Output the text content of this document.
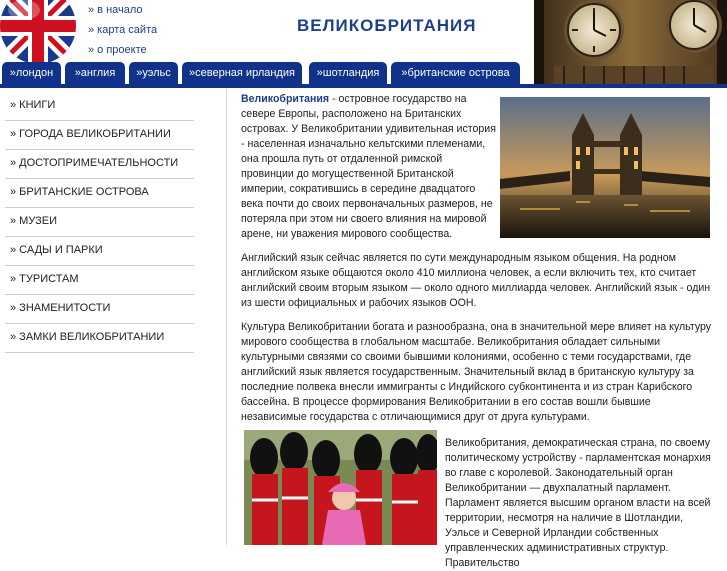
» в начало
» карта сайта
» о проекте
ВЕЛИКОБРИТАНИЯ
»лондон	»англия	»уэльс	»северная ирландия	»шотландия	»британские острова
» КНИГИ
» ГОРОДА ВЕЛИКОБРИТАНИИ
» ДОСТОПРИМЕЧАТЕЛЬНОСТИ
» БРИТАНСКИЕ ОСТРОВА
» МУЗЕИ
» САДЫ И ПАРКИ
» ТУРИСТАМ
» ЗНАМЕНИТОСТИ
» ЗАМКИ ВЕЛИКОБРИТАНИИ

Великобритания - островное государство на севере Европы, расположено на Британских островах. У Великобритании удивительная история - населенная изначально кельтскими племенами, она прошла путь от отдаленной римской провинции до могущественной Британской империи, сократившись в середине двадцатого века почти до своих первоначальных размеров, не потеряла при этом ни своего влияния на мировой арене, ни уважения мирового сообщества.

Английский язык сейчас является по сути международным языком общения. На родном английском языке общаются около 410 миллиона человек, а если включить тех, кто считает английский своим вторым языком — около одного миллиарда человек. Английский язык - один из шести официальных и рабочих языков ООН.

Культура Великобритании богата и разнообразна, она в значительной мере влияет на культуру мирового сообщества в глобальном масштабе. Великобритания обладает сильными культурными связями со своими бывшими колониями, особенно с теми государствами, где английский язык является государственным. Значительный вклад в британскую культуру за последние полвека внесли иммигранты с Индийского субконтинента и из стран Карибского бассейна. В процессе формирования Великобритании в его состав вошли бывшие независимые государства с отличающимися друг от друга культурами.

Великобритания, демократическая страна, по своему политическому устройству - парламентская монархия во главе с королевой. Законодательный орган Великобритании — двухпалатный парламент. Парламент является высшим органом власти на всей территории, несмотря на наличие в Шотландии, Уэльсе и Северной Ирландии собственных управленческих административных структур. Правительство
